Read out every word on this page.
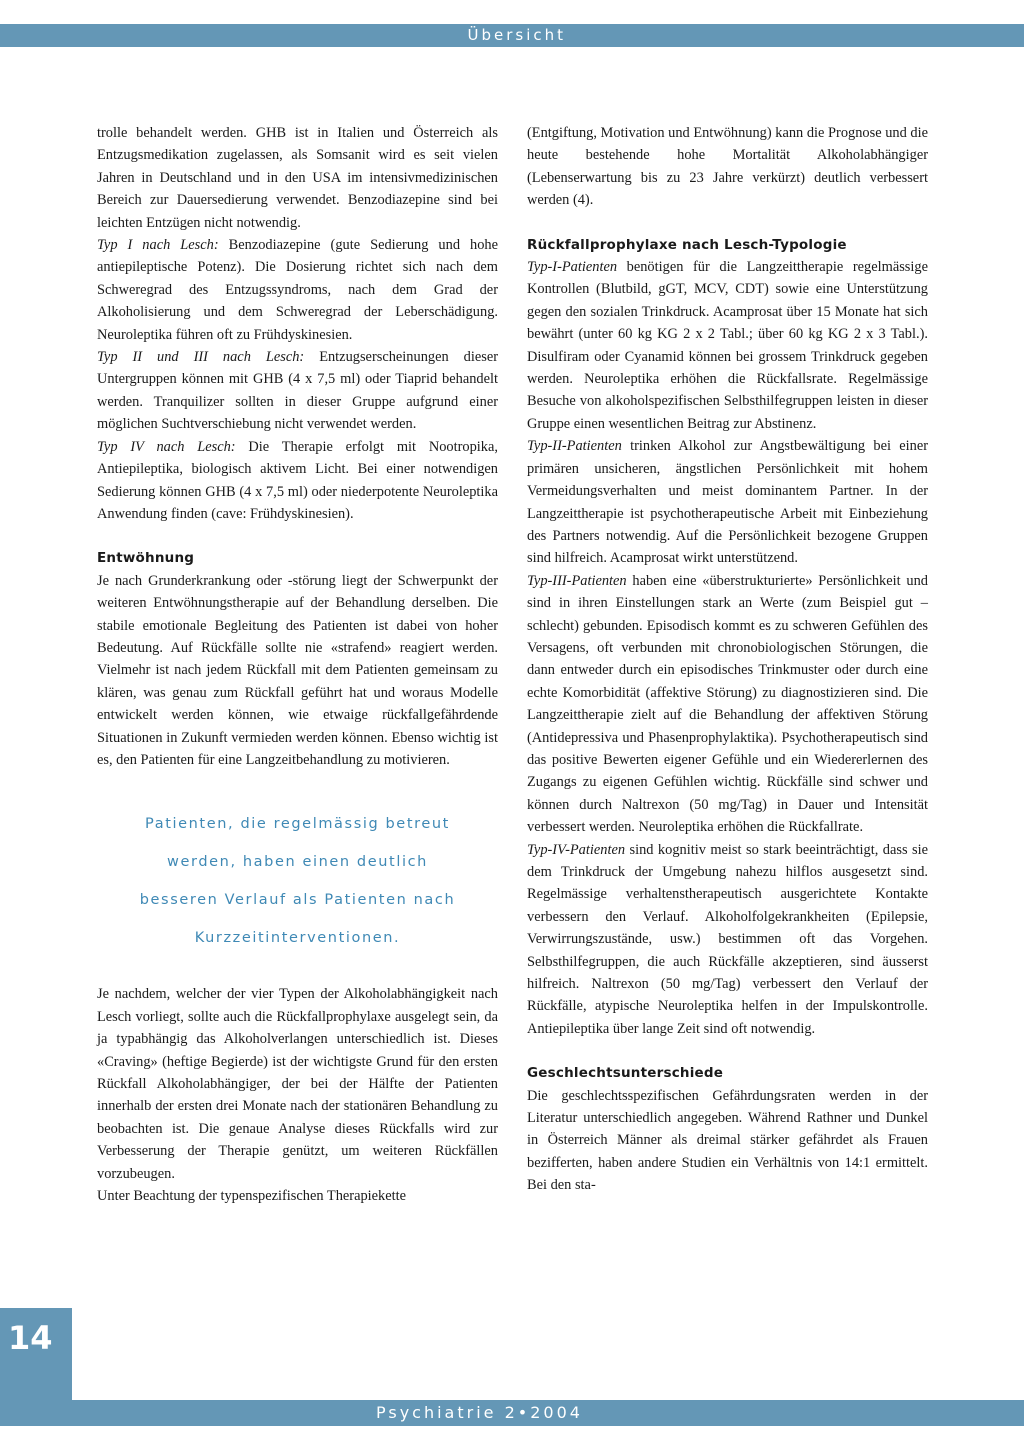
Übersicht

trolle behandelt werden. GHB ist in Italien und Österreich als Entzugsmedikation zugelassen, als Somsanit wird es seit vielen Jahren in Deutschland und in den USA im intensivmedizinischen Bereich zur Dauersedierung verwendet. Benzodiazepine sind bei leichten Entzügen nicht notwendig.

Typ I nach Lesch: Benzodiazepine (gute Sedierung und hohe antiepileptische Potenz). Die Dosierung richtet sich nach dem Schweregrad des Entzugssyndroms, nach dem Grad der Alkoholisierung und dem Schweregrad der Leberschädigung. Neuroleptika führen oft zu Frühdyskinesien.

Typ II und III nach Lesch: Entzugserscheinungen dieser Untergruppen können mit GHB (4 x 7,5 ml) oder Tiaprid behandelt werden. Tranquilizer sollten in dieser Gruppe aufgrund einer möglichen Suchtverschiebung nicht verwendet werden.

Typ IV nach Lesch: Die Therapie erfolgt mit Nootropika, Antiepileptika, biologisch aktivem Licht. Bei einer notwendigen Sedierung können GHB (4 x 7,5 ml) oder niederpotente Neuroleptika Anwendung finden (cave: Frühdyskinesien).

Entwöhnung

Je nach Grunderkrankung oder -störung liegt der Schwerpunkt der weiteren Entwöhnungstherapie auf der Behandlung derselben. Die stabile emotionale Begleitung des Patienten ist dabei von hoher Bedeutung. Auf Rückfälle sollte nie «strafend» reagiert werden. Vielmehr ist nach jedem Rückfall mit dem Patienten gemeinsam zu klären, was genau zum Rückfall geführt hat und woraus Modelle entwickelt werden können, wie etwaige rückfallgefährdende Situationen in Zukunft vermieden werden können. Ebenso wichtig ist es, den Patienten für eine Langzeitbehandlung zu motivieren.

Patienten, die regelmässig betreut
werden, haben einen deutlich
besseren Verlauf als Patienten nach
Kurzzeitinterventionen.

Je nachdem, welcher der vier Typen der Alkoholabhängigkeit nach Lesch vorliegt, sollte auch die Rückfallprophylaxe ausgelegt sein, da ja typabhängig das Alkoholverlangen unterschiedlich ist. Dieses «Craving» (heftige Begierde) ist der wichtigste Grund für den ersten Rückfall Alkoholabhängiger, der bei der Hälfte der Patienten innerhalb der ersten drei Monate nach der stationären Behandlung zu beobachten ist. Die genaue Analyse dieses Rückfalls wird zur Verbesserung der Therapie genützt, um weiteren Rückfällen vorzubeugen.

Unter Beachtung der typenspezifischen Therapiekette

(Entgiftung, Motivation und Entwöhnung) kann die Prognose und die heute bestehende hohe Mortalität Alkoholabhängiger (Lebenserwartung bis zu 23 Jahre verkürzt) deutlich verbessert werden (4).

Rückfallprophylaxe nach Lesch-Typologie

Typ-I-Patienten benötigen für die Langzeittherapie regelmässige Kontrollen (Blutbild, gGT, MCV, CDT) sowie eine Unterstützung gegen den sozialen Trinkdruck. Acamprosat über 15 Monate hat sich bewährt (unter 60 kg KG 2 x 2 Tabl.; über 60 kg KG 2 x 3 Tabl.). Disulfiram oder Cyanamid können bei grossem Trinkdruck gegeben werden. Neuroleptika erhöhen die Rückfallsrate. Regelmässige Besuche von alkoholspezifischen Selbsthilfegruppen leisten in dieser Gruppe einen wesentlichen Beitrag zur Abstinenz.

Typ-II-Patienten trinken Alkohol zur Angstbewältigung bei einer primären unsicheren, ängstlichen Persönlichkeit mit hohem Vermeidungsverhalten und meist dominantem Partner. In der Langzeittherapie ist psychotherapeutische Arbeit mit Einbeziehung des Partners notwendig. Auf die Persönlichkeit bezogene Gruppen sind hilfreich. Acamprosat wirkt unterstützend.

Typ-III-Patienten haben eine «überstrukturierte» Persönlichkeit und sind in ihren Einstellungen stark an Werte (zum Beispiel gut – schlecht) gebunden. Episodisch kommt es zu schweren Gefühlen des Versagens, oft verbunden mit chronobiologischen Störungen, die dann entweder durch ein episodisches Trinkmuster oder durch eine echte Komorbidität (affektive Störung) zu diagnostizieren sind. Die Langzeittherapie zielt auf die Behandlung der affektiven Störung (Antidepressiva und Phasenprophylaktika). Psychotherapeutisch sind das positive Bewerten eigener Gefühle und ein Wiedererlernen des Zugangs zu eigenen Gefühlen wichtig. Rückfälle sind schwer und können durch Naltrexon (50 mg/Tag) in Dauer und Intensität verbessert werden. Neuroleptika erhöhen die Rückfallrate.

Typ-IV-Patienten sind kognitiv meist so stark beeinträchtigt, dass sie dem Trinkdruck der Umgebung nahezu hilflos ausgesetzt sind. Regelmässige verhaltenstherapeutisch ausgerichtete Kontakte verbessern den Verlauf. Alkoholfolgekrankheiten (Epilepsie, Verwirrungszustände, usw.) bestimmen oft das Vorgehen. Selbsthilfegruppen, die auch Rückfälle akzeptieren, sind äusserst hilfreich. Naltrexon (50 mg/Tag) verbessert den Verlauf der Rückfälle, atypische Neuroleptika helfen in der Impulskontrolle. Antiepileptika über lange Zeit sind oft notwendig.

Geschlechtsunterschiede

Die geschlechtsspezifischen Gefährdungsraten werden in der Literatur unterschiedlich angegeben. Während Rathner und Dunkel in Österreich Männer als dreimal stärker gefährdet als Frauen bezifferten, haben andere Studien ein Verhältnis von 14:1 ermittelt. Bei den sta-

14
Psychiatrie 2•2004
